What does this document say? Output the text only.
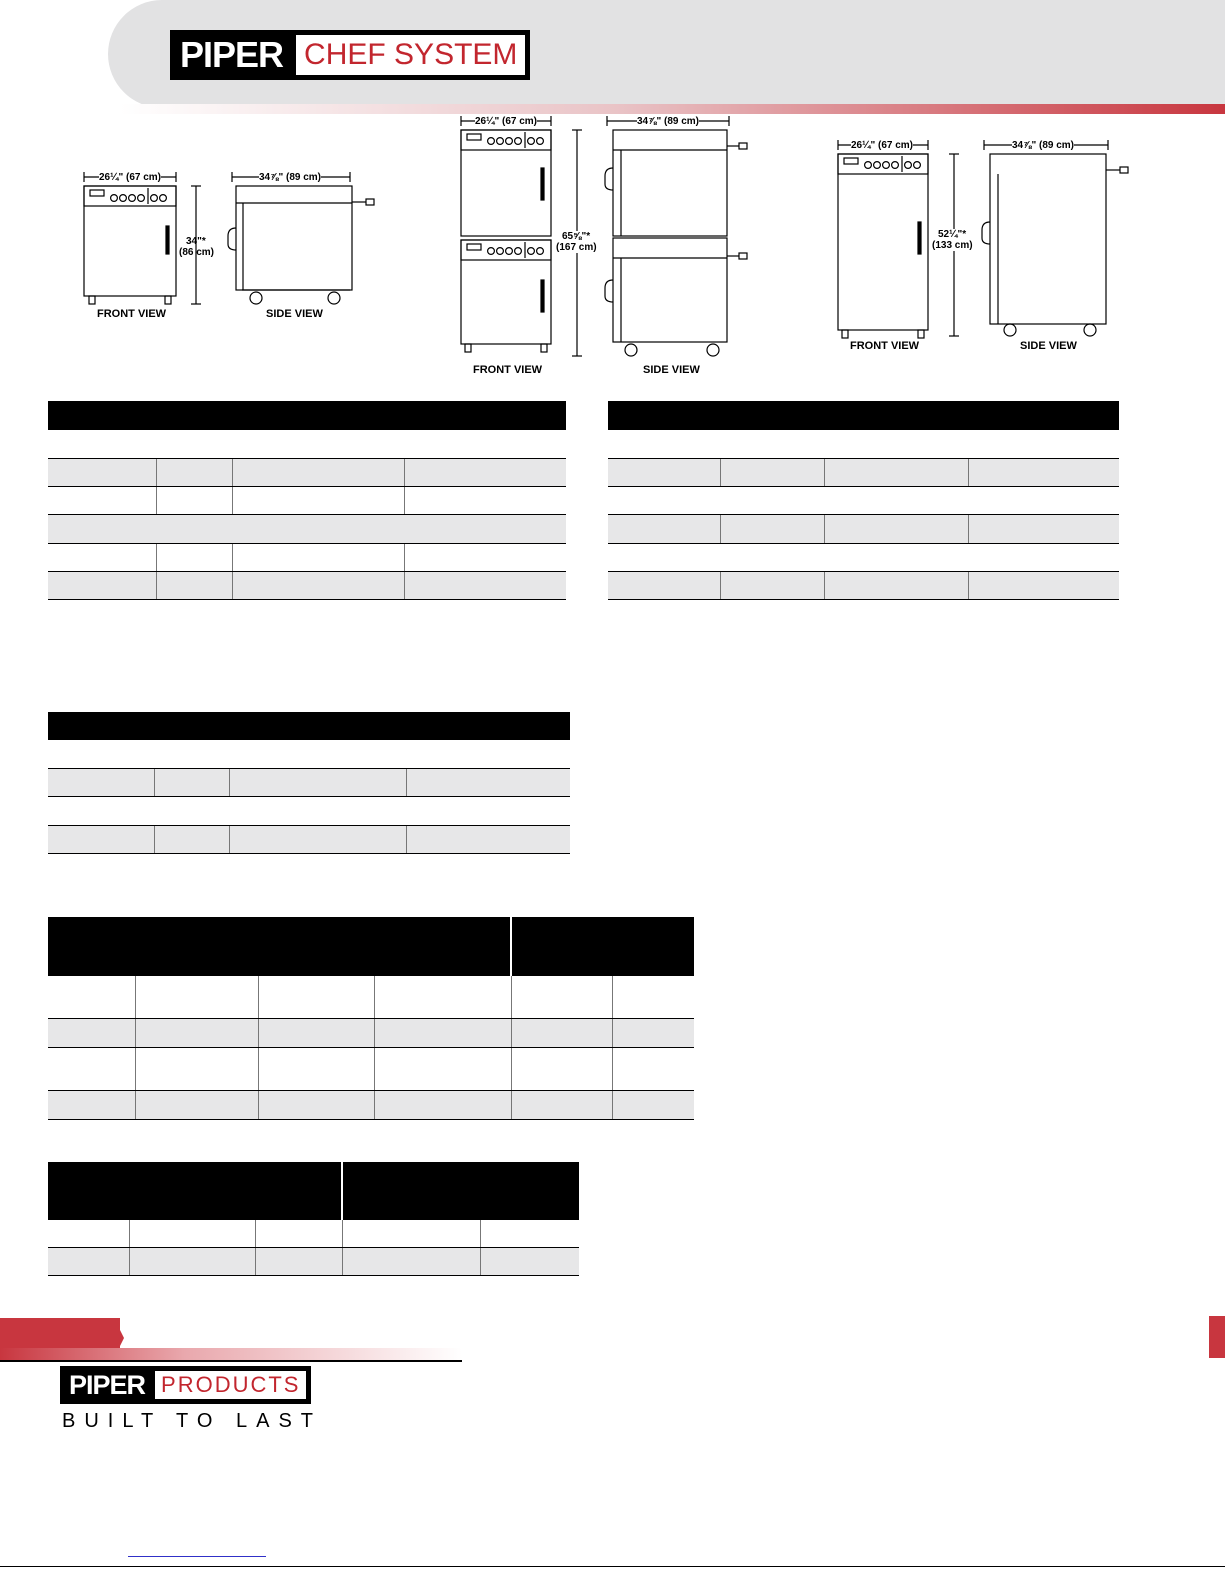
PIPER CHEF SYSTEM
26¼" (67 cm)
34"*
(86 cm)
34⅞" (89 cm)
FRONT VIEW	SIDE VIEW
26¼" (67 cm)
65⅝"*
(167 cm)
34⅞" (89 cm)
FRONT VIEW	SIDE VIEW
26¼" (67 cm)
52¼"*
(133 cm)
34⅞" (89 cm)
FRONT VIEW	SIDE VIEW

PIPER PRODUCTS
BUILT TO LAST
